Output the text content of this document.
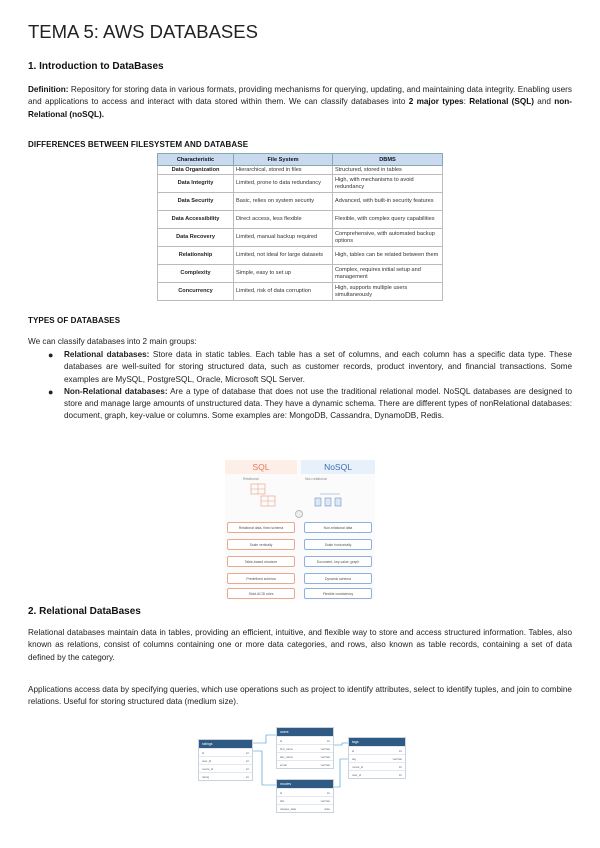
TEMA 5: AWS DATABASES
1. Introduction to DataBases
Definition: Repository for storing data in various formats, providing mechanisms for querying, updating, and maintaining data integrity. Enabling users and applications to access and interact with data stored within them. We can classify databases into 2 major types: Relational (SQL) and non-Relational (noSQL).
DIFFERENCES BETWEEN FILESYSTEM AND DATABASE
Characteristic	File System	DBMS
Data Organization	Hierarchical, stored in files	Structured, stored in tables
Data Integrity	Limited, prone to data redundancy	High, with mechanisms to avoid redundancy
Data Security	Basic, relies on system security	Advanced, with built-in security features
Data Accessibility	Direct access, less flexible	Flexible, with complex query capabilities
Data Recovery	Limited, manual backup required	Comprehensive, with automated backup options
Relationship	Limited, not ideal for large datasets	High, tables can be related between them
Complexity	Simple, easy to set up	Complex, requires initial setup and management
Concurrency	Limited, risk of data corruption	High, supports multiple users simultaneously
TYPES OF DATABASES
We can classify databases into 2 main groups:
● Relational databases: Store data in static tables. Each table has a set of columns, and each column has a specific data type. These databases are well-suited for storing structured data, such as customer records, product inventory, and financial transactions. Some examples are MySQL, PostgreSQL, Oracle, Microsoft SQL Server.
● Non-Relational databases: Are a type of database that does not use the traditional relational model. NoSQL databases are designed to store and manage large amounts of unstructured data. They have a dynamic schema. There are different types of nonRelational databases: document, graph, key-value or columns. Some examples are: MongoDB, Cassandra, DynamoDB, Redis.
SQL	NoSQL
Relational	Non-relational
Relational data, fixed schema
Scale vertically
Table-based structure
Predefined schema
Strict ACID rules
Non-relational data
Scale horizontally
Document, key-value, graph
Dynamic schema
Flexible consistency
2. Relational DataBases
Relational databases maintain data in tables, providing an efficient, intuitive, and flexible way to store and access structured information. Tables, also known as relations, consist of columns containing one or more data categories, and rows, also known as table records, containing a set of data defined by the category.
Applications access data by specifying queries, which use operations such as project to identify attributes, select to identify tuples, and join to combine relations. Useful for storing structured data (medium size).
ratings
id	int
user_id	int
movie_id	int
rating	int
users
id	int
first_name	varchar
last_name	varchar
email	varchar
movies
id	int
title	varchar
release_date	date
tags
id	int
tag	varchar
movie_id	int
user_id	int
